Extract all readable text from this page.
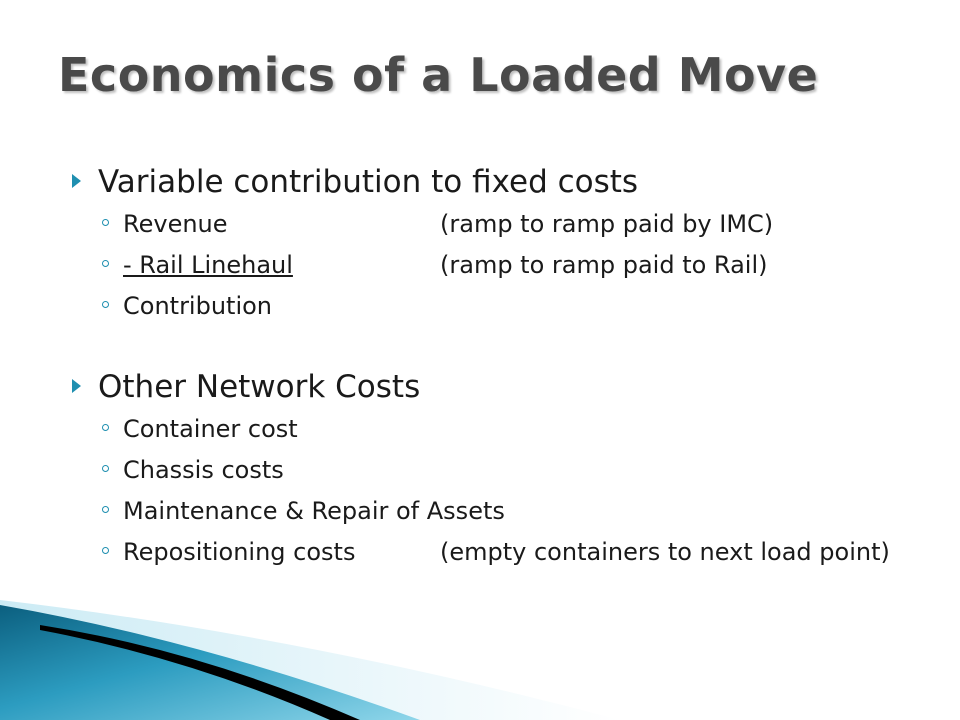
Economics of a Loaded Move
Variable contribution to fixed costs
Revenue	(ramp to ramp paid by IMC)
- Rail Linehaul	(ramp to ramp paid to Rail)
Contribution
Other Network Costs
Container cost
Chassis costs
Maintenance & Repair of Assets
Repositioning costs	(empty containers to next load point)
